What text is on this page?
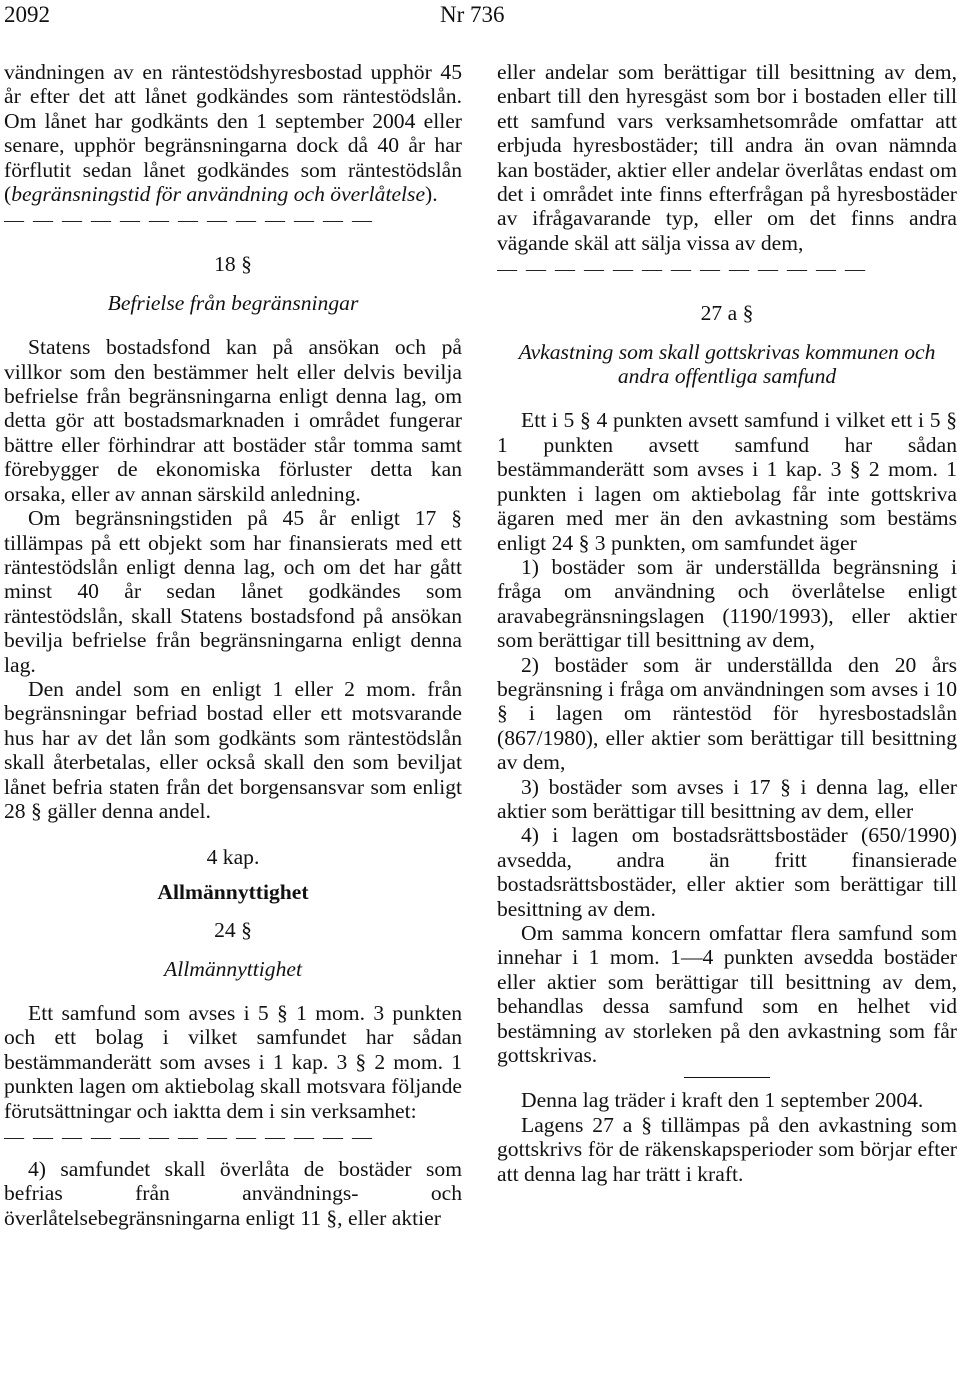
2092	Nr 736

vändningen av en räntestödshyresbostad upphör 45 år efter det att lånet godkändes som räntestödslån. Om lånet har godkänts den 1 september 2004 eller senare, upphör begränsningarna dock då 40 år har förflutit sedan lånet godkändes som räntestödslån (begränsningstid för användning och överlåtelse).

— — — — — — — — — — — — —
18 §
Befrielse från begränsningar

Statens bostadsfond kan på ansökan och på villkor som den bestämmer helt eller delvis bevilja befrielse från begränsningarna enligt denna lag, om detta gör att bostadsmarknaden i området fungerar bättre eller förhindrar att bostäder står tomma samt förebygger de ekonomiska förluster detta kan orsaka, eller av annan särskild anledning.

Om begränsningstiden på 45 år enligt 17 § tillämpas på ett objekt som har finansierats med ett räntestödslån enligt denna lag, och om det har gått minst 40 år sedan lånet godkändes som räntestödslån, skall Statens bostadsfond på ansökan bevilja befrielse från begränsningarna enligt denna lag.

Den andel som en enligt 1 eller 2 mom. från begränsningar befriad bostad eller ett motsvarande hus har av det lån som godkänts som räntestödslån skall återbetalas, eller också skall den som beviljat lånet befria staten från det borgensansvar som enligt 28 § gäller denna andel.

4 kap.
Allmännyttighet
24 §
Allmännyttighet

Ett samfund som avses i 5 § 1 mom. 3 punkten och ett bolag i vilket samfundet har sådan bestämmanderätt som avses i 1 kap. 3 § 2 mom. 1 punkten lagen om aktiebolag skall motsvara följande förutsättningar och iaktta dem i sin verksamhet:

— — — — — — — — — — — — —

4) samfundet skall överlåta de bostäder som befrias från användnings- och överlåtelsebegränsningarna enligt 11 §, eller aktier

eller andelar som berättigar till besittning av dem, enbart till den hyresgäst som bor i bostaden eller till ett samfund vars verksamhetsområde omfattar att erbjuda hyresbostäder; till andra än ovan nämnda kan bostäder, aktier eller andelar överlåtas endast om det i området inte finns efterfrågan på hyresbostäder av ifrågavarande typ, eller om det finns andra vägande skäl att sälja vissa av dem,

— — — — — — — — — — — — —
27 a §
Avkastning som skall gottskrivas kommunen och andra offentliga samfund

Ett i 5 § 4 punkten avsett samfund i vilket ett i 5 § 1 punkten avsett samfund har sådan bestämmanderätt som avses i 1 kap. 3 § 2 mom. 1 punkten i lagen om aktiebolag får inte gottskriva ägaren med mer än den avkastning som bestäms enligt 24 § 3 punkten, om samfundet äger

1) bostäder som är underställda begränsning i fråga om användning och överlåtelse enligt aravabegränsningslagen (1190/1993), eller aktier som berättigar till besittning av dem,

2) bostäder som är underställda den 20 års begränsning i fråga om användningen som avses i 10 § i lagen om räntestöd för hyresbostadslån (867/1980), eller aktier som berättigar till besittning av dem,

3) bostäder som avses i 17 § i denna lag, eller aktier som berättigar till besittning av dem, eller

4) i lagen om bostadsrättsbostäder (650/1990) avsedda, andra än fritt finansierade bostadsrättsbostäder, eller aktier som berättigar till besittning av dem.

Om samma koncern omfattar flera samfund som innehar i 1 mom. 1—4 punkten avsedda bostäder eller aktier som berättigar till besittning av dem, behandlas dessa samfund som en helhet vid bestämning av storleken på den avkastning som får gottskrivas.

Denna lag träder i kraft den 1 september 2004.

Lagens 27 a § tillämpas på den avkastning som gottskrivs för de räkenskapsperioder som börjar efter att denna lag har trätt i kraft.
